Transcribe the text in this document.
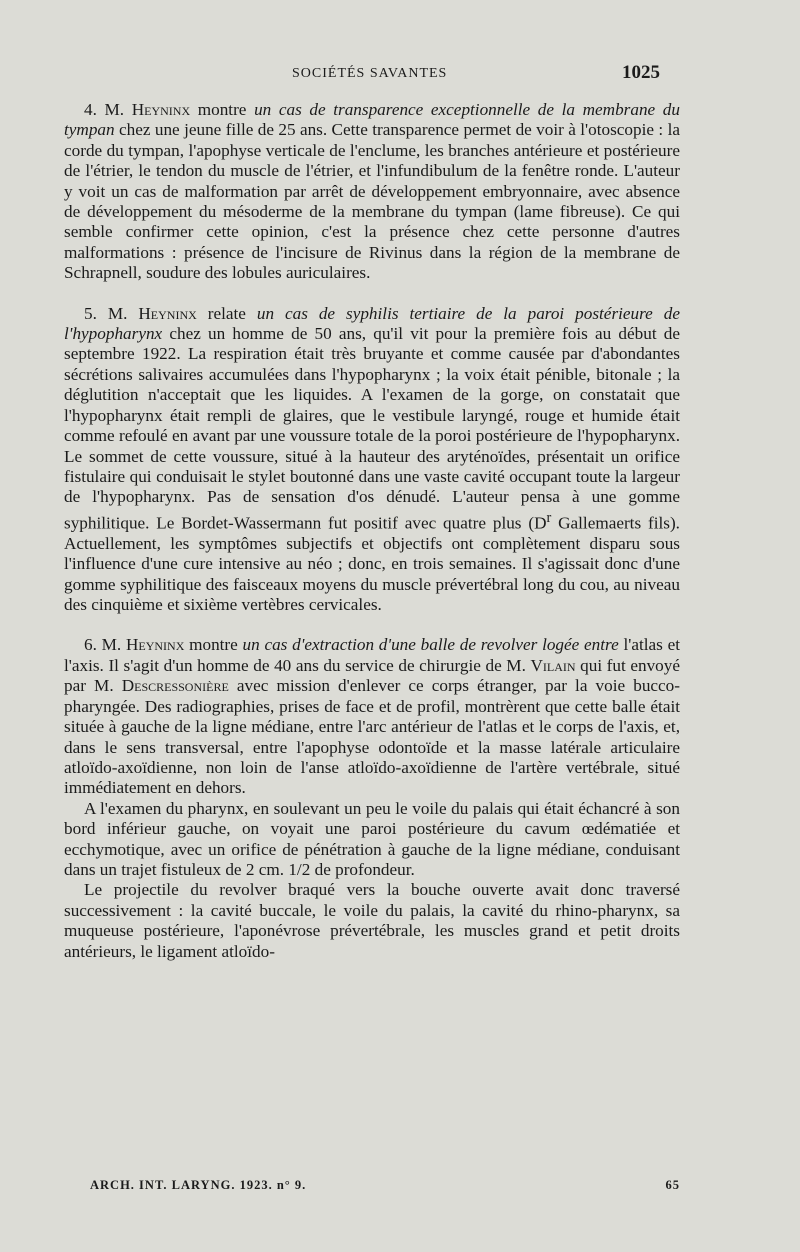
SOCIÉTÉS SAVANTES	1025

4. M. Heyninx montre un cas de transparence exceptionnelle de la membrane du tympan chez une jeune fille de 25 ans. Cette transparence permet de voir à l'otoscopie : la corde du tympan, l'apophyse verticale de l'enclume, les branches antérieure et postérieure de l'étrier, le tendon du muscle de l'étrier, et l'infundibulum de la fenêtre ronde. L'auteur y voit un cas de malformation par arrêt de développement embryonnaire, avec absence de développement du mésoderme de la membrane du tympan (lame fibreuse). Ce qui semble confirmer cette opinion, c'est la présence chez cette personne d'autres malformations : présence de l'incisure de Rivinus dans la région de la membrane de Schrapnell, soudure des lobules auriculaires.

5. M. Heyninx relate un cas de syphilis tertiaire de la paroi postérieure de l'hypopharynx chez un homme de 50 ans, qu'il vit pour la première fois au début de septembre 1922. La respiration était très bruyante et comme causée par d'abondantes sécrétions salivaires accumulées dans l'hypopharynx ; la voix était pénible, bitonale ; la déglutition n'acceptait que les liquides. A l'examen de la gorge, on constatait que l'hypopharynx était rempli de glaires, que le vestibule laryngé, rouge et humide était comme refoulé en avant par une voussure totale de la poroi postérieure de l'hypopharynx. Le sommet de cette voussure, situé à la hauteur des aryténoïdes, présentait un orifice fistulaire qui conduisait le stylet boutonné dans une vaste cavité occupant toute la largeur de l'hypopharynx. Pas de sensation d'os dénudé. L'auteur pensa à une gomme syphilitique. Le Bordet-Wassermann fut positif avec quatre plus ($D^r$ Gallemaerts fils). Actuellement, les symptômes subjectifs et objectifs ont complètement disparu sous l'influence d'une cure intensive au néo ; donc, en trois semaines. Il s'agissait donc d'une gomme syphilitique des faisceaux moyens du muscle prévertébral long du cou, au niveau des cinquième et sixième vertèbres cervicales.

6. M. Heyninx montre un cas d'extraction d'une balle de revolver logée entre l'atlas et l'axis. Il s'agit d'un homme de 40 ans du service de chirurgie de M. Vilain qui fut envoyé par M. Descressonière avec mission d'enlever ce corps étranger, par la voie bucco-pharyngée. Des radiographies, prises de face et de profil, montrèrent que cette balle était située à gauche de la ligne médiane, entre l'arc antérieur de l'atlas et le corps de l'axis, et, dans le sens transversal, entre l'apophyse odontoïde et la masse latérale articulaire atloïdo-axoïdienne, non loin de l'anse atloïdo-axoïdienne de l'artère vertébrale, situé immédiatement en dehors.

A l'examen du pharynx, en soulevant un peu le voile du palais qui était échancré à son bord inférieur gauche, on voyait une paroi postérieure du cavum œdématiée et ecchymotique, avec un orifice de pénétration à gauche de la ligne médiane, conduisant dans un trajet fistuleux de 2 cm. 1/2 de profondeur.

Le projectile du revolver braqué vers la bouche ouverte avait donc traversé successivement : la cavité buccale, le voile du palais, la cavité du rhino-pharynx, sa muqueuse postérieure, l'aponévrose prévertébrale, les muscles grand et petit droits antérieurs, le ligament atloïdo-

ARCH. INT. LARYNG. 1923. n° 9.	65
